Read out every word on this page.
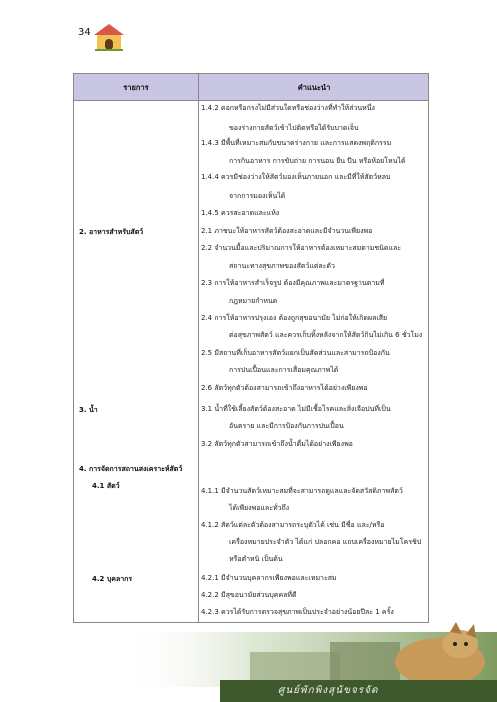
34
รายการ	คำแนะนำ
1.4.2 ดอกหรือกรงไม่มีส่วนใดหรือช่องว่างที่ทำให้ส่วนหนึ่ง
ของร่างกายสัตว์เข้าไปติดหรือได้รับบาดเจ็บ
1.4.3 มีพื้นที่เหมาะสมกับขนาดร่างกาย และการแสดงพฤติกรรม
การกินอาหาร การขับถ่าย การนอน ยืน ปีน หรือห้อยโหนได้
1.4.4 ควรมีช่องว่างให้สัตว์มองเห็นภายนอก และมีที่ให้สัตว์หลบ
จากการมองเห็นได้
1.4.5 ควรสะอาดและแห้ง
2.1 ภาชนะให้อาหารสัตว์ต้องสะอาดและมีจำนวนเพียงพอ
2.2 จำนวนมื้อและปริมาณการให้อาหารต้องเหมาะสมตามชนิดและ
สถานะทางสุขภาพของสัตว์แต่ละตัว
2.3 การให้อาหารสำเร็จรูป ต้องมีคุณภาพและมาตรฐานตามที่
กฎหมายกำหนด
2.4 การให้อาหารปรุงเอง ต้องถูกสุขอนามัย ไม่ก่อให้เกิดผลเสีย
ต่อสุขภาพสัตว์ และควรเก็บทิ้งหลังจากให้สัตว์กินไม่เกิน 6 ชั่วโมง
2.5 มีสถานที่เก็บอาหารสัตว์แยกเป็นสัดส่วนและสามารถป้องกัน
การปนเปื้อนและการเสื่อมคุณภาพได้
2.6 สัตว์ทุกตัวต้องสามารถเข้าถึงอาหารได้อย่างเพียงพอ
3.1 น้ำที่ใช้เลี้ยงสัตว์ต้องสะอาด ไม่มีเชื้อโรคและสิ่งเจือปนที่เป็น
อันตราย และมีการป้องกันการปนเปื้อน
3.2 สัตว์ทุกตัวสามารถเข้าถึงน้ำดื่มได้อย่างเพียงพอ
4.1.1 มีจำนวนสัตว์เหมาะสมที่จะสามารถดูแลและจัดสวัสดิภาพสัตว์
ได้เพียงพอและทั่วถึง
4.1.2 สัตว์แต่ละตัวต้องสามารถระบุตัวได้ เช่น มีชื่อ และ/หรือ
เครื่องหมายประจำตัว ได้แก่ ปลอกคอ แถบเครื่องหมายไมโครชิป
หรือตำหนิ เป็นต้น
4.2.1 มีจำนวนบุคลากรเพียงพอและเหมาะสม
4.2.2 มีสุขอนามัยส่วนบุคคลที่ดี
4.2.3 ควรได้รับการตรวจสุขภาพเป็นประจำอย่างน้อยปีละ 1 ครั้ง
2. อาหารสำหรับสัตว์
3. น้ำ
4. การจัดการสถานสงเคราะห์สัตว์
4.1 สัตว์
4.2 บุคลากร
ศูนย์พักพิงสุนัขจรจัด
